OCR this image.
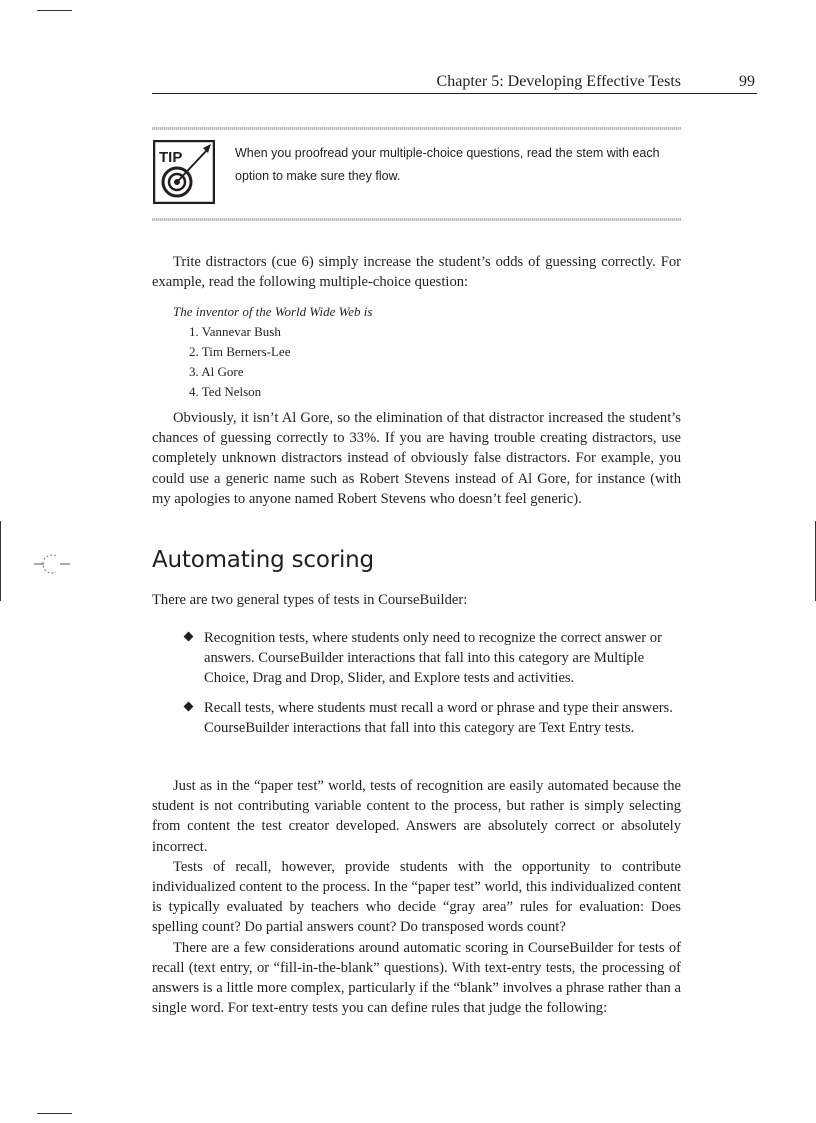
Chapter 5: Developing Effective Tests	99
TIP	When you proofread your multiple-choice questions, read the stem with each option to make sure they flow.

Trite distractors (cue 6) simply increase the student’s odds of guessing correctly. For example, read the following multiple-choice question:

The inventor of the World Wide Web is
1. Vannevar Bush
2. Tim Berners-Lee
3. Al Gore
4. Ted Nelson

Obviously, it isn’t Al Gore, so the elimination of that distractor increased the student’s chances of guessing correctly to 33%. If you are having trouble creating distractors, use completely unknown distractors instead of obviously false distractors. For example, you could use a generic name such as Robert Stevens instead of Al Gore, for instance (with my apologies to anyone named Robert Stevens who doesn’t feel generic).

Automating scoring

There are two general types of tests in CourseBuilder:

Recognition tests, where students only need to recognize the correct answer or answers. CourseBuilder interactions that fall into this category are Multiple Choice, Drag and Drop, Slider, and Explore tests and activities.
Recall tests, where students must recall a word or phrase and type their answers. CourseBuilder interactions that fall into this category are Text Entry tests.

Just as in the “paper test” world, tests of recognition are easily automated because the student is not contributing variable content to the process, but rather is simply selecting from content the test creator developed. Answers are absolutely correct or absolutely incorrect.

Tests of recall, however, provide students with the opportunity to contribute individualized content to the process. In the “paper test” world, this individualized content is typically evaluated by teachers who decide “gray area” rules for evaluation: Does spelling count? Do partial answers count? Do transposed words count?

There are a few considerations around automatic scoring in CourseBuilder for tests of recall (text entry, or “fill-in-the-blank” questions). With text-entry tests, the processing of answers is a little more complex, particularly if the “blank” involves a phrase rather than a single word. For text-entry tests you can define rules that judge the following:
